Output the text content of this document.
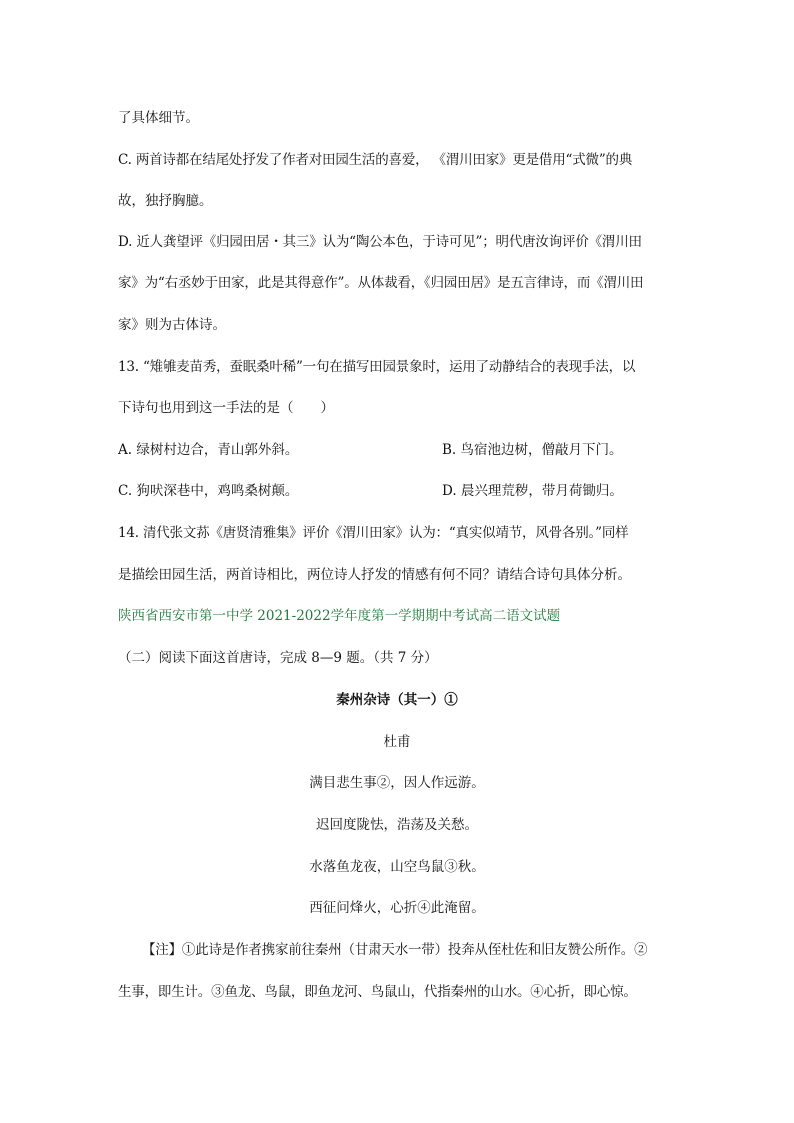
了具体细节。
C. 两首诗都在结尾处抒发了作者对田园生活的喜爱， 《渭川田家》更是借用“式微”的典
故，独抒胸臆。
D. 近人龚望评《归园田居・其三》认为“陶公本色，于诗可见”；明代唐汝询评价《渭川田
家》为“右丞妙于田家，此是其得意作”。从体裁看，《归园田居》是五言律诗，而《渭川田
家》则为古体诗。
13. “雉雊麦苗秀，蚕眠桑叶稀”一句在描写田园景象时，运用了动静结合的表现手法，以
下诗句也用到这一手法的是（　　）
A. 绿树村边合，青山郭外斜。	B. 鸟宿池边树，僧敲月下门。
C. 狗吠深巷中，鸡鸣桑树颠。	D. 晨兴理荒秽，带月荷锄归。
14. 清代张文荪《唐贤清雅集》评价《渭川田家》认为：“真实似靖节，风骨各别。”同样
是描绘田园生活，两首诗相比，两位诗人抒发的情感有何不同？请结合诗句具体分析。
陕西省西安市第一中学 2021-2022学年度第一学期期中考试高二语文试题
（二）阅读下面这首唐诗，完成 8—9 题。（共 7 分）
秦州杂诗（其一）①
杜甫
满目悲生事②，因人作远游。
迟回度陇怯，浩荡及关愁。
水落鱼龙夜，山空鸟鼠③秋。
西征问烽火，心折④此淹留。
【注】①此诗是作者携家前往秦州（甘肃天水一带）投奔从侄杜佐和旧友赞公所作。②
生事，即生计。③鱼龙、鸟鼠，即鱼龙河、鸟鼠山，代指秦州的山水。④心折，即心惊。
